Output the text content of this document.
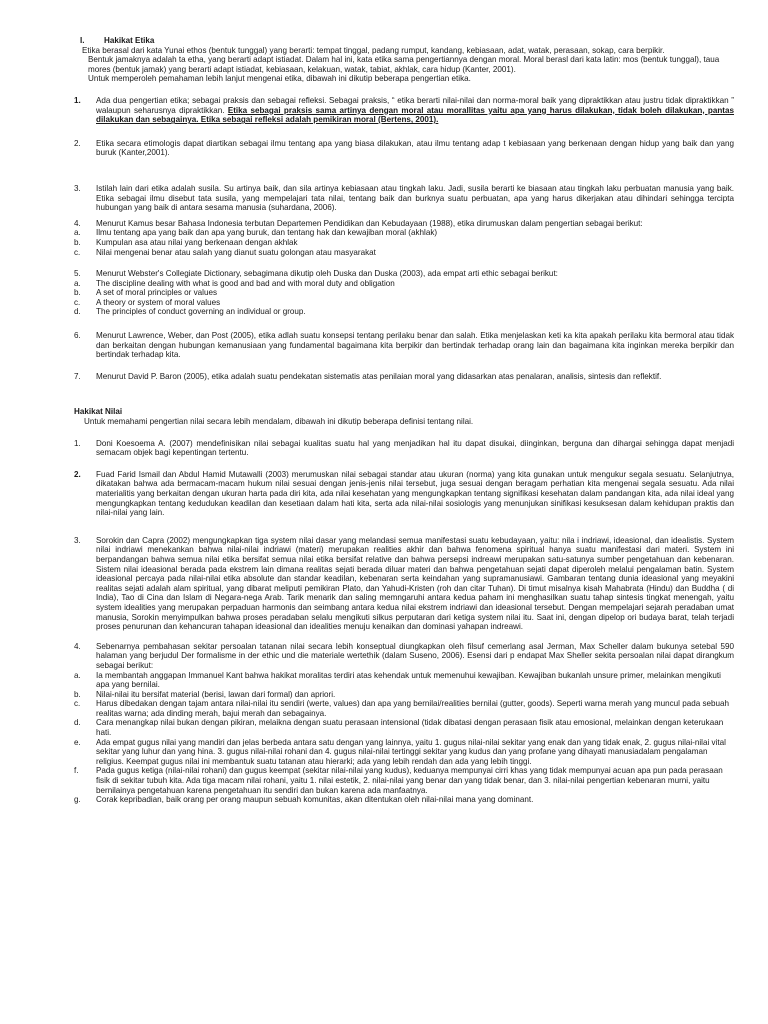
I. Hakikat Etika

Etika berasal dari kata Yunai ethos (bentuk tunggal) yang berarti: tempat tinggal, padang rumput, kandang, kebiasaan, adat, watak, perasaan, sokap, cara berpikir.

Bentuk jamaknya adalah ta etha, yang berarti adapt istiadat. Dalam hal ini, kata etika sama pengertiannya dengan moral. Moral berasl dari kata latin: mos (bentuk tunggal), taua mores (bentuk jamak) yang berarti adapt istiadat, kebiasaan, kelakuan, watak, tabiat, akhlak, cara hidup (Kanter, 2001).

Untuk memperoleh pemahaman lebih lanjut mengenai etika, dibawah ini dikutip beberapa pengertian etika.

1. Ada dua pengertian etika; sebagai praksis dan sebagai refleksi. Sebagai praksis, “ etika berarti nilai-nilai dan norma-moral baik yang dipraktikkan atau justru tidak dipraktikkan ” walaupun seharusnya dipraktikkan. Etika sebagai praksis sama artinya dengan moral atau morallitas yaitu apa yang harus dilakukan, tidak boleh dilakukan, pantas dilakukan dan sebagainya. Etika sebagai refleksi adalah pemikiran moral (Bertens, 2001).
2. Etika secara etimologis dapat diartikan sebagai ilmu tentang apa yang biasa dilakukan, atau ilmu tentang adap t kebiasaan yang berkenaan dengan hidup yang baik dan yang buruk (Kanter,2001).
3. Istilah lain dari etika adalah susila. Su artinya baik, dan sila artinya kebiasaan atau tingkah laku. Jadi, susila berarti ke biasaan atau tingkah laku perbuatan manusia yang baik. Etika sebagai ilmu disebut tata susila, yang mempelajari tata nilai, tentang baik dan burknya suatu perbuatan, apa yang harus dikerjakan atau dihindari sehingga tercipta hubungan yang baik di antara sesama manusia (suhardana, 2006).
4. Menurut Kamus besar Bahasa Indonesia terbutan Departemen Pendidikan dan Kebudayaan (1988), etika dirumuskan dalam pengertian sebagai berikut:
a. Ilmu tentang apa yang baik dan apa yang buruk, dan tentang hak dan kewajiban moral (akhlak)
b. Kumpulan asa atau nilai yang berkenaan dengan akhlak
c. Nilai mengenai benar atau salah yang dianut suatu golongan atau masyarakat
5. Menurut Webster's Collegiate Dictionary, sebagimana dikutip oleh Duska dan Duska (2003), ada empat arti ethic sebagai berikut:
a. The discipline dealing with what is good and bad and with moral duty and obligation
b. A set of moral principles or values
c. A theory or system of moral values
d. The principles of conduct governing an individual or group.
6. Menurut Lawrence, Weber, dan Post (2005), etika adlah suatu konsepsi tentang perilaku benar dan salah. Etika menjelaskan keti ka kita apakah perilaku kita bermoral atau tidak dan berkaitan dengan hubungan kemanusiaan yang fundamental bagaimana kita berpikir dan bertindak terhadap orang lain dan bagaimana kita inginkan mereka berpikir dan bertindak terhadap kita.
7. Menurut David P. Baron (2005), etika adalah suatu pendekatan sistematis atas penilaian moral yang didasarkan atas penalaran, analisis, sintesis dan reflektif.

Hakikat Nilai

Untuk memahami pengertian nilai secara lebih mendalam, dibawah ini dikutip beberapa definisi tentang nilai.

1. Doni Koesoema A. (2007) mendefinisikan nilai sebagai kualitas suatu hal yang menjadikan hal itu dapat disukai, diinginkan, berguna dan dihargai sehingga dapat menjadi semacam objek bagi kepentingan tertentu.
2. Fuad Farid Ismail dan Abdul Hamid Mutawalli (2003) merumuskan nilai sebagai standar atau ukuran (norma) yang kita gunakan untuk mengukur segala sesuatu. Selanjutnya, dikatakan bahwa ada bermacam-macam hukum nilai sesuai dengan jenis-jenis nilai tersebut, juga sesuai dengan beragam perhatian kita mengenai segala sesuatu. Ada nilai materialitis yang berkaitan dengan ukuran harta pada diri kita, ada nilai kesehatan yang mengungkapkan tentang signifikasi kesehatan dalam pandangan kita, ada nilai ideal yang mengungkapkan tentang kedudukan keadilan dan kesetiaan dalam hati kita, serta ada nilai-nilai sosiologis yang menunjukan sinifikasi kesuksesan dalam kehidupan praktis dan nilai-nilai yang lain.
3. Sorokin dan Capra (2002) mengungkapkan tiga system nilai dasar yang melandasi semua manifestasi suatu kebudayaan, yaitu: nila i indriawi, ideasional, dan idealistis. System nilai indriawi menekankan bahwa nilai-nilai indriawi (materi) merupakan realities akhir dan bahwa fenomena spiritual hanya suatu manifestasi dari materi. System ini berpandangan bahwa semua nilai etika bersifat semua nilai etika bersifat relative dan bahwa persepsi indreawi merupakan satu-satunya sumber pengetahuan dan kebenaran. Sistem nilai ideasional berada pada ekstrem lain dimana realitas sejati berada diluar materi dan bahwa pengetahuan sejati dapat diperoleh melalui pengalaman batin. System ideasional percaya pada nilai-nilai etika absolute dan standar keadilan, kebenaran serta keindahan yang supramanusiawi. Gambaran tentang dunia ideasional yang meyakini realitas sejati adalah alam spiritual, yang dibarat meliputi pemikiran Plato, dan Yahudi-Kristen (roh dan citar Tuhan). Di timut misalnya kisah Mahabrata (Hindu) dan Buddha ( di India), Tao di Cina dan Islam di Negara-nega Arab. Tarik menarik dan saling memngaruhi antara kedua paham ini menghasilkan suatu tahap sintesis tingkat menengah, yaitu system idealities yang merupakan perpaduan harmonis dan seimbang antara kedua nilai ekstrem indriawi dan ideasional tersebut. Dengan mempelajari sejarah peradaban umat manusia, Sorokin menyimpulkan bahwa proses peradaban selalu mengikuti silkus perputaran dari ketiga system nilai itu. Saat ini, dengan dipelop ori budaya barat, telah terjadi proses penurunan dan kehancuran tahapan ideasional dan idealities menuju kenaikan dan dominasi yahapan indreawi.
4. Sebenarnya pembahasan sekitar persoalan tatanan nilai secara lebih konseptual diungkapkan oleh filsuf cemerlang asal Jerman, Max Scheller dalam bukunya setebal 590 halaman yang berjudul Der formalisme in der ethic und die materiale wertethik (dalam Suseno, 2006). Esensi dari p endapat Max Sheller sekita persoalan nilai dapat dirangkum sebagai berikut:
a. Ia membantah anggapan Immanuel Kant bahwa hakikat moralitas terdiri atas kehendak untuk memenuhui kewajiban. Kewajiban bukanlah unsure primer, melainkan mengikuti apa yang bernilai.
b. Nilai-nilai itu bersifat material (berisi, lawan dari formal) dan apriori.
c. Harus dibedakan dengan tajam antara nilai-nilai itu sendiri (werte, values) dan apa yang bernilai/realities bernilai (gutter, goods). Seperti warna merah yang muncul pada sebuah realitas warna; ada dinding merah, bajui merah dan sebagainya.
d. Cara menangkap nilai bukan dengan pikiran, melaikna dengan suatu perasaan intensional (tidak dibatasi dengan perasaan fisik atau emosional, melainkan dengan keterukaan hati.
e. Ada empat gugus nilai yang mandiri dan jelas berbeda antara satu dengan yang lainnya, yaitu 1. gugus nilai-nilai sekitar yang enak dan yang tidak enak, 2. gugus nilai-nilai vital sekitar yang luhur dan yang hina. 3. gugus nilai-nilai rohani dan 4. gugus nilai-nilai tertinggi sekitar yang kudus dan yang profane yang dihayati manusiadalam pengalaman religius. Keempat gugus nilai ini membantuk suatu tatanan atau hierarki; ada yang lebih rendah dan ada yang lebih tinggi.
f. Pada gugus ketiga (nilai-nilai rohani) dan gugus keempat (sekitar nilai-nilai yang kudus), keduanya mempunyai cirri khas yang tidak mempunyai acuan apa pun pada perasaan fisik di sekitar tubuh kita. Ada tiga macam nilai rohani, yaitu 1. nilai estetik, 2. nilai-nilai yang benar dan yang tidak benar, dan 3. nilai-nilai pengertian kebenaran murni, yaitu bernilainya pengetahuan karena pengetahuan itu sendiri dan bukan karena ada manfaatnya.
g. Corak kepribadian, baik orang per orang maupun sebuah komunitas, akan ditentukan oleh nilai-nilai mana yang dominant.
